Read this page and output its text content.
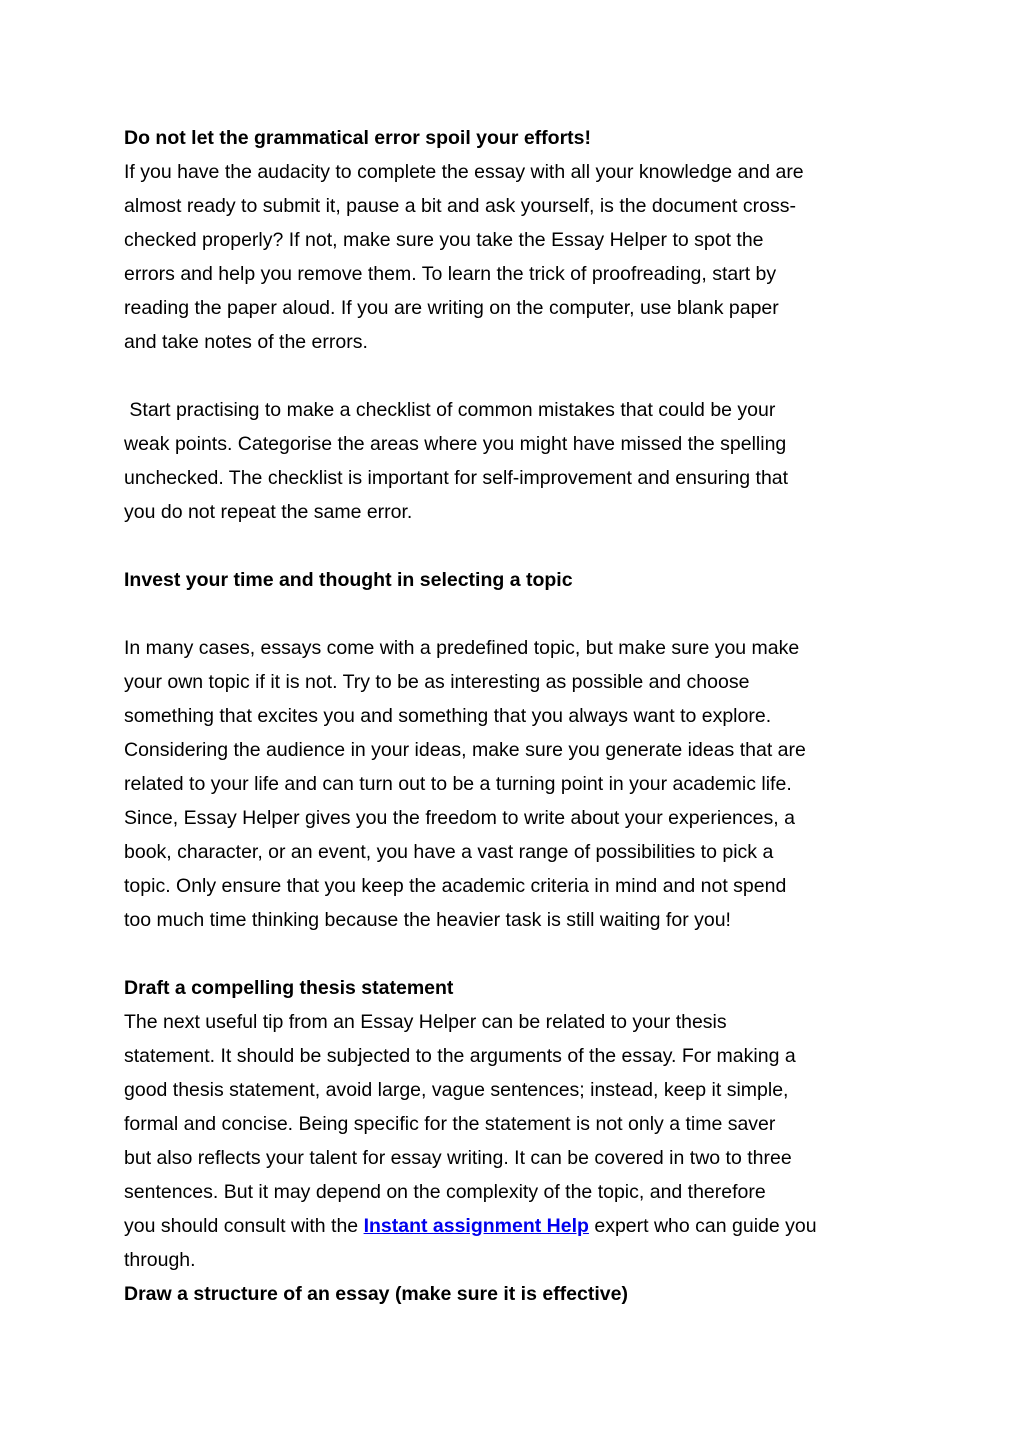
Do not let the grammatical error spoil your efforts!
If you have the audacity to complete the essay with all your knowledge and are
almost ready to submit it, pause a bit and ask yourself, is the document cross-
checked properly? If not, make sure you take the Essay Helper to spot the
errors and help you remove them. To learn the trick of proofreading, start by
reading the paper aloud. If you are writing on the computer, use blank paper
and take notes of the errors.
Start practising to make a checklist of common mistakes that could be your
weak points. Categorise the areas where you might have missed the spelling
unchecked. The checklist is important for self-improvement and ensuring that
you do not repeat the same error.
Invest your time and thought in selecting a topic
In many cases, essays come with a predefined topic, but make sure you make
your own topic if it is not. Try to be as interesting as possible and choose
something that excites you and something that you always want to explore.
Considering the audience in your ideas, make sure you generate ideas that are
related to your life and can turn out to be a turning point in your academic life.
Since, Essay Helper gives you the freedom to write about your experiences, a
book, character, or an event, you have a vast range of possibilities to pick a
topic. Only ensure that you keep the academic criteria in mind and not spend
too much time thinking because the heavier task is still waiting for you!
Draft a compelling thesis statement
The next useful tip from an Essay Helper can be related to your thesis
statement. It should be subjected to the arguments of the essay. For making a
good thesis statement, avoid large, vague sentences; instead, keep it simple,
formal and concise. Being specific for the statement is not only a time saver
but also reflects your talent for essay writing. It can be covered in two to three
sentences. But it may depend on the complexity of the topic, and therefore
you should consult with the Instant assignment Help expert who can guide you
through.
Draw a structure of an essay (make sure it is effective)
